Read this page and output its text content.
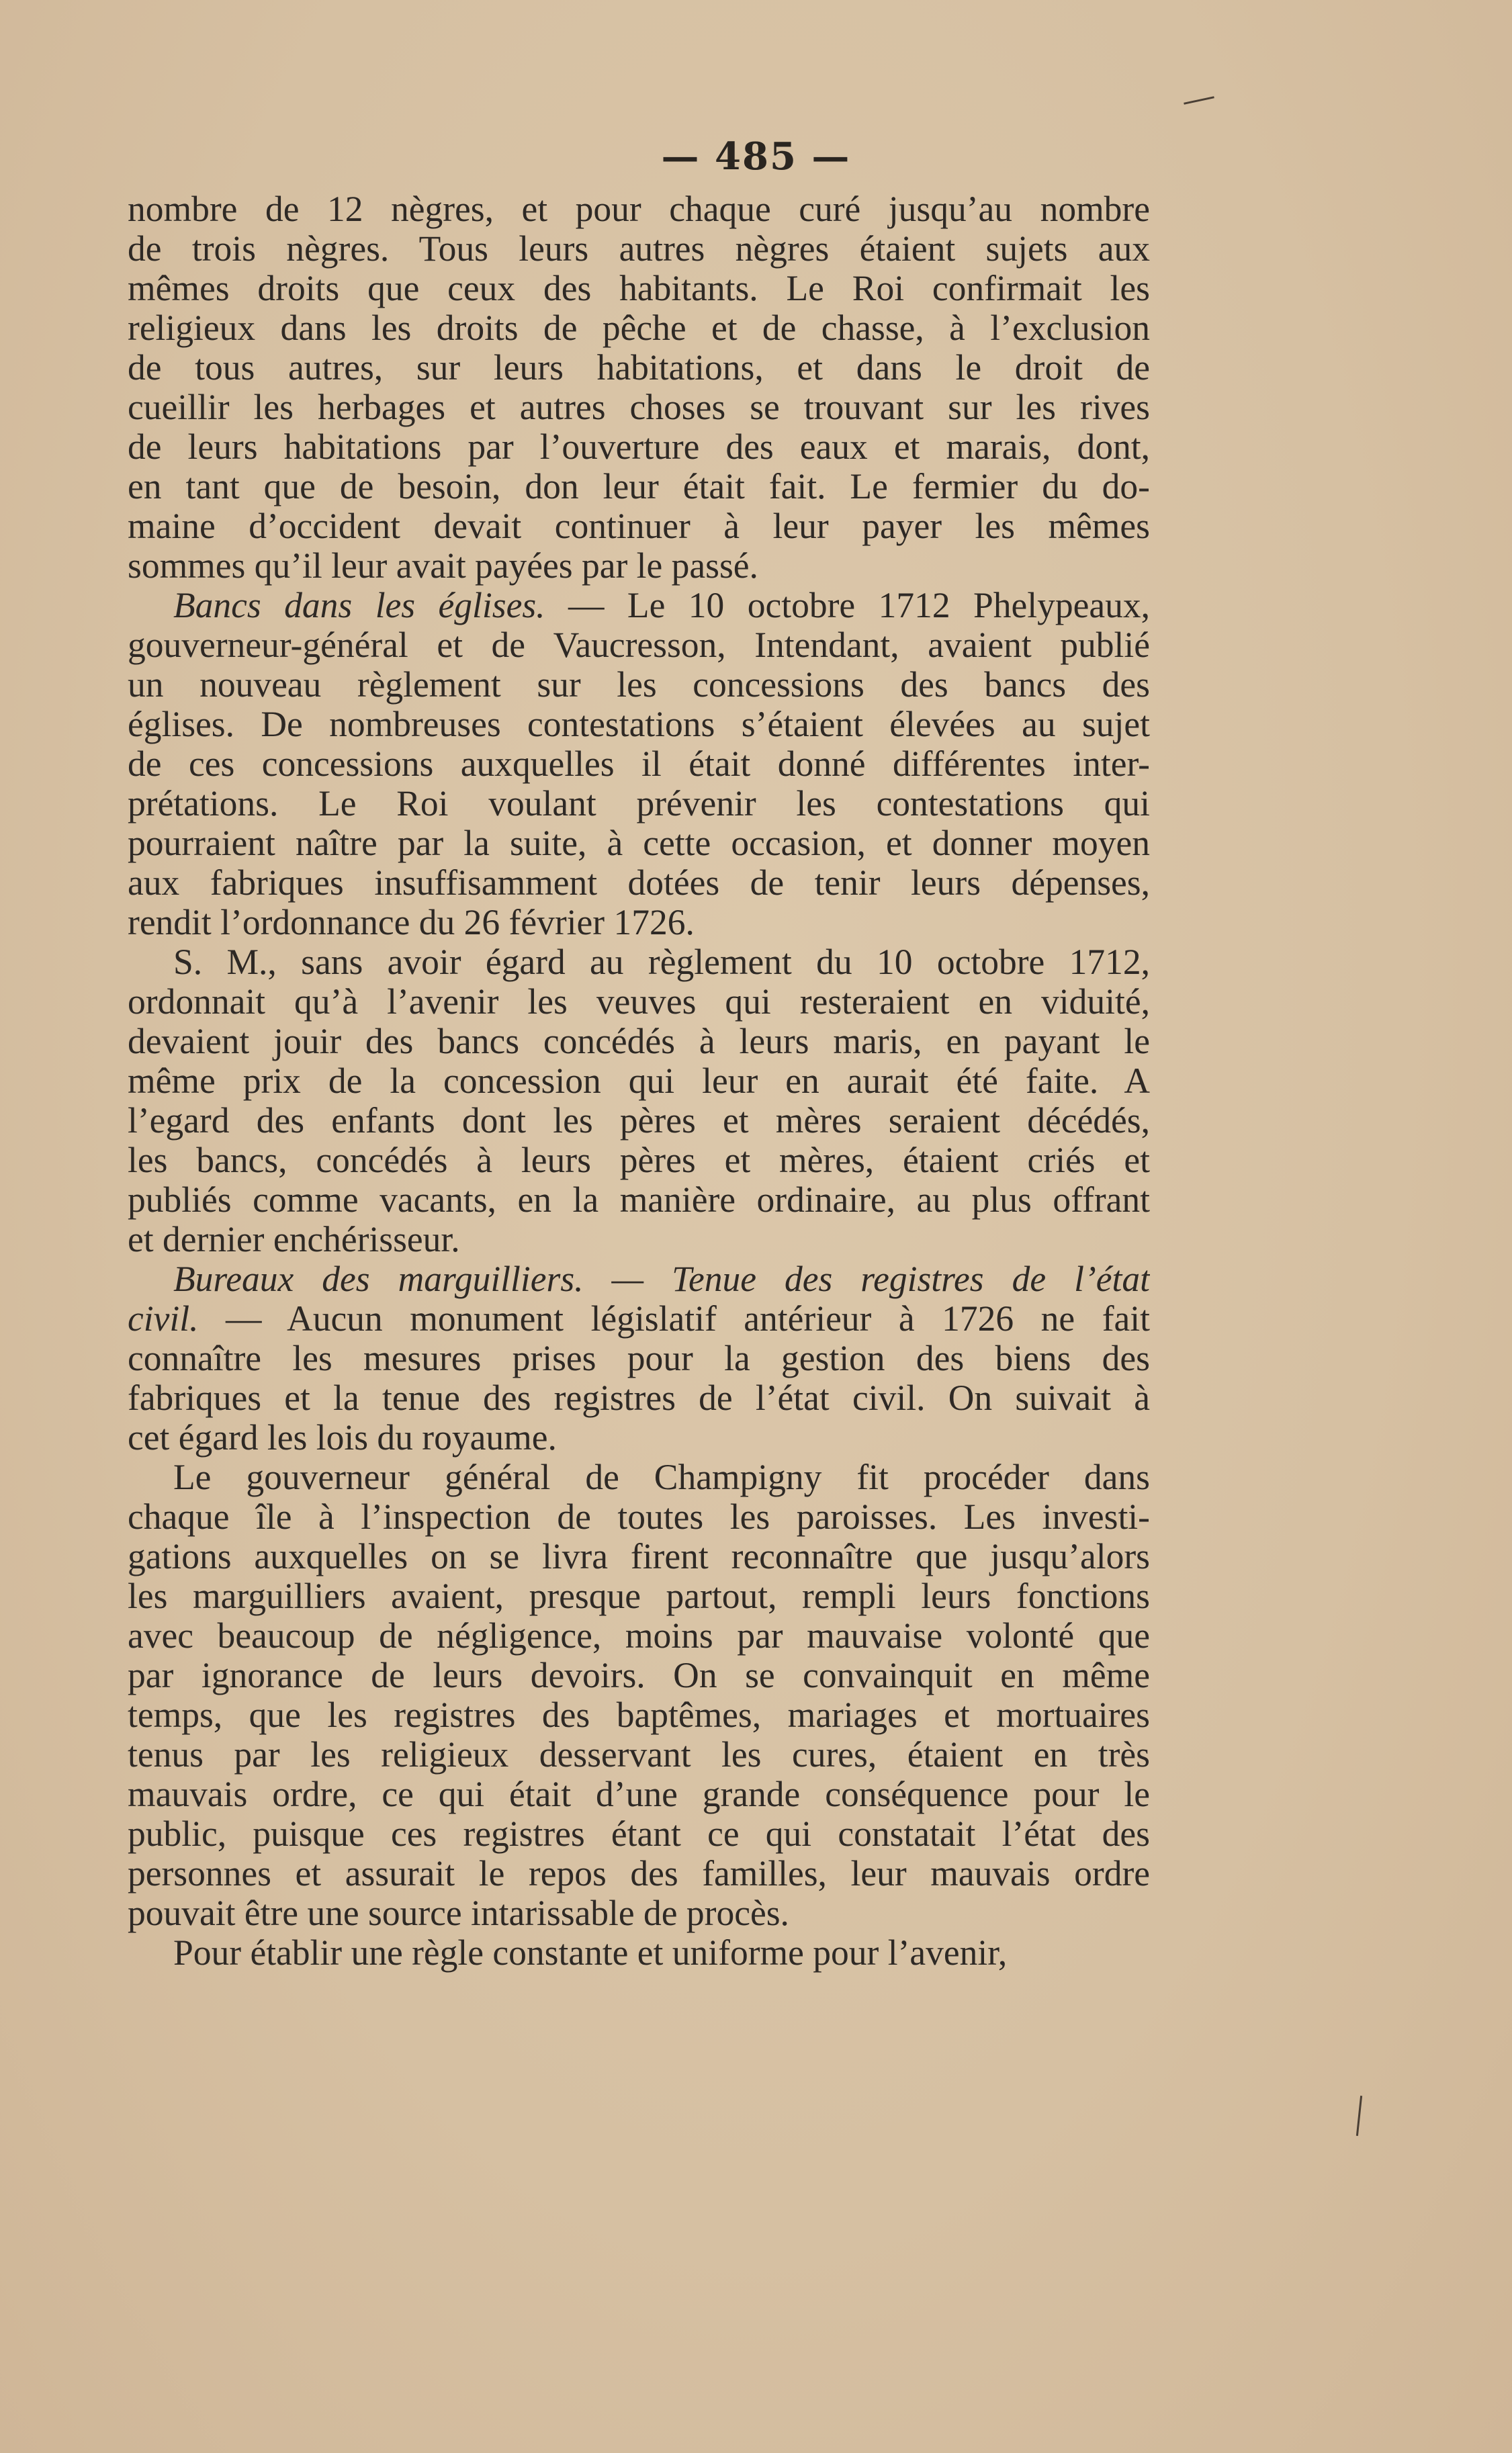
— 485 —
nombre de 12 nègres, et pour chaque curé jusqu’au nombre
de trois nègres. Tous leurs autres nègres étaient sujets aux
mêmes droits que ceux des habitants. Le Roi confirmait les
religieux dans les droits de pêche et de chasse, à l’exclusion
de tous autres, sur leurs habitations, et dans le droit de
cueillir les herbages et autres choses se trouvant sur les rives
de leurs habitations par l’ouverture des eaux et marais, dont,
en tant que de besoin, don leur était fait. Le fermier du do-
maine d’occident devait continuer à leur payer les mêmes
sommes qu’il leur avait payées par le passé.
Bancs dans les églises. — Le 10 octobre 1712 Phelypeaux,
gouverneur-général et de Vaucresson, Intendant, avaient publié
un nouveau règlement sur les concessions des bancs des
églises. De nombreuses contestations s’étaient élevées au sujet
de ces concessions auxquelles il était donné différentes inter-
prétations. Le Roi voulant prévenir les contestations qui
pourraient naître par la suite, à cette occasion, et donner moyen
aux fabriques insuffisamment dotées de tenir leurs dépenses,
rendit l’ordonnance du 26 février 1726.
S. M., sans avoir égard au règlement du 10 octobre 1712,
ordonnait qu’à l’avenir les veuves qui resteraient en viduité,
devaient jouir des bancs concédés à leurs maris, en payant le
même prix de la concession qui leur en aurait été faite. A
l’egard des enfants dont les pères et mères seraient décédés,
les bancs, concédés à leurs pères et mères, étaient criés et
publiés comme vacants, en la manière ordinaire, au plus offrant
et dernier enchérisseur.
Bureaux des marguilliers. — Tenue des registres de l’état
civil. — Aucun monument législatif antérieur à 1726 ne fait
connaître les mesures prises pour la gestion des biens des
fabriques et la tenue des registres de l’état civil. On suivait à
cet égard les lois du royaume.
Le gouverneur général de Champigny fit procéder dans
chaque île à l’inspection de toutes les paroisses. Les investi-
gations auxquelles on se livra firent reconnaître que jusqu’alors
les marguilliers avaient, presque partout, rempli leurs fonctions
avec beaucoup de négligence, moins par mauvaise volonté que
par ignorance de leurs devoirs. On se convainquit en même
temps, que les registres des baptêmes, mariages et mortuaires
tenus par les religieux desservant les cures, étaient en très
mauvais ordre, ce qui était d’une grande conséquence pour le
public, puisque ces registres étant ce qui constatait l’état des
personnes et assurait le repos des familles, leur mauvais ordre
pouvait être une source intarissable de procès.
Pour établir une règle constante et uniforme pour l’avenir,
